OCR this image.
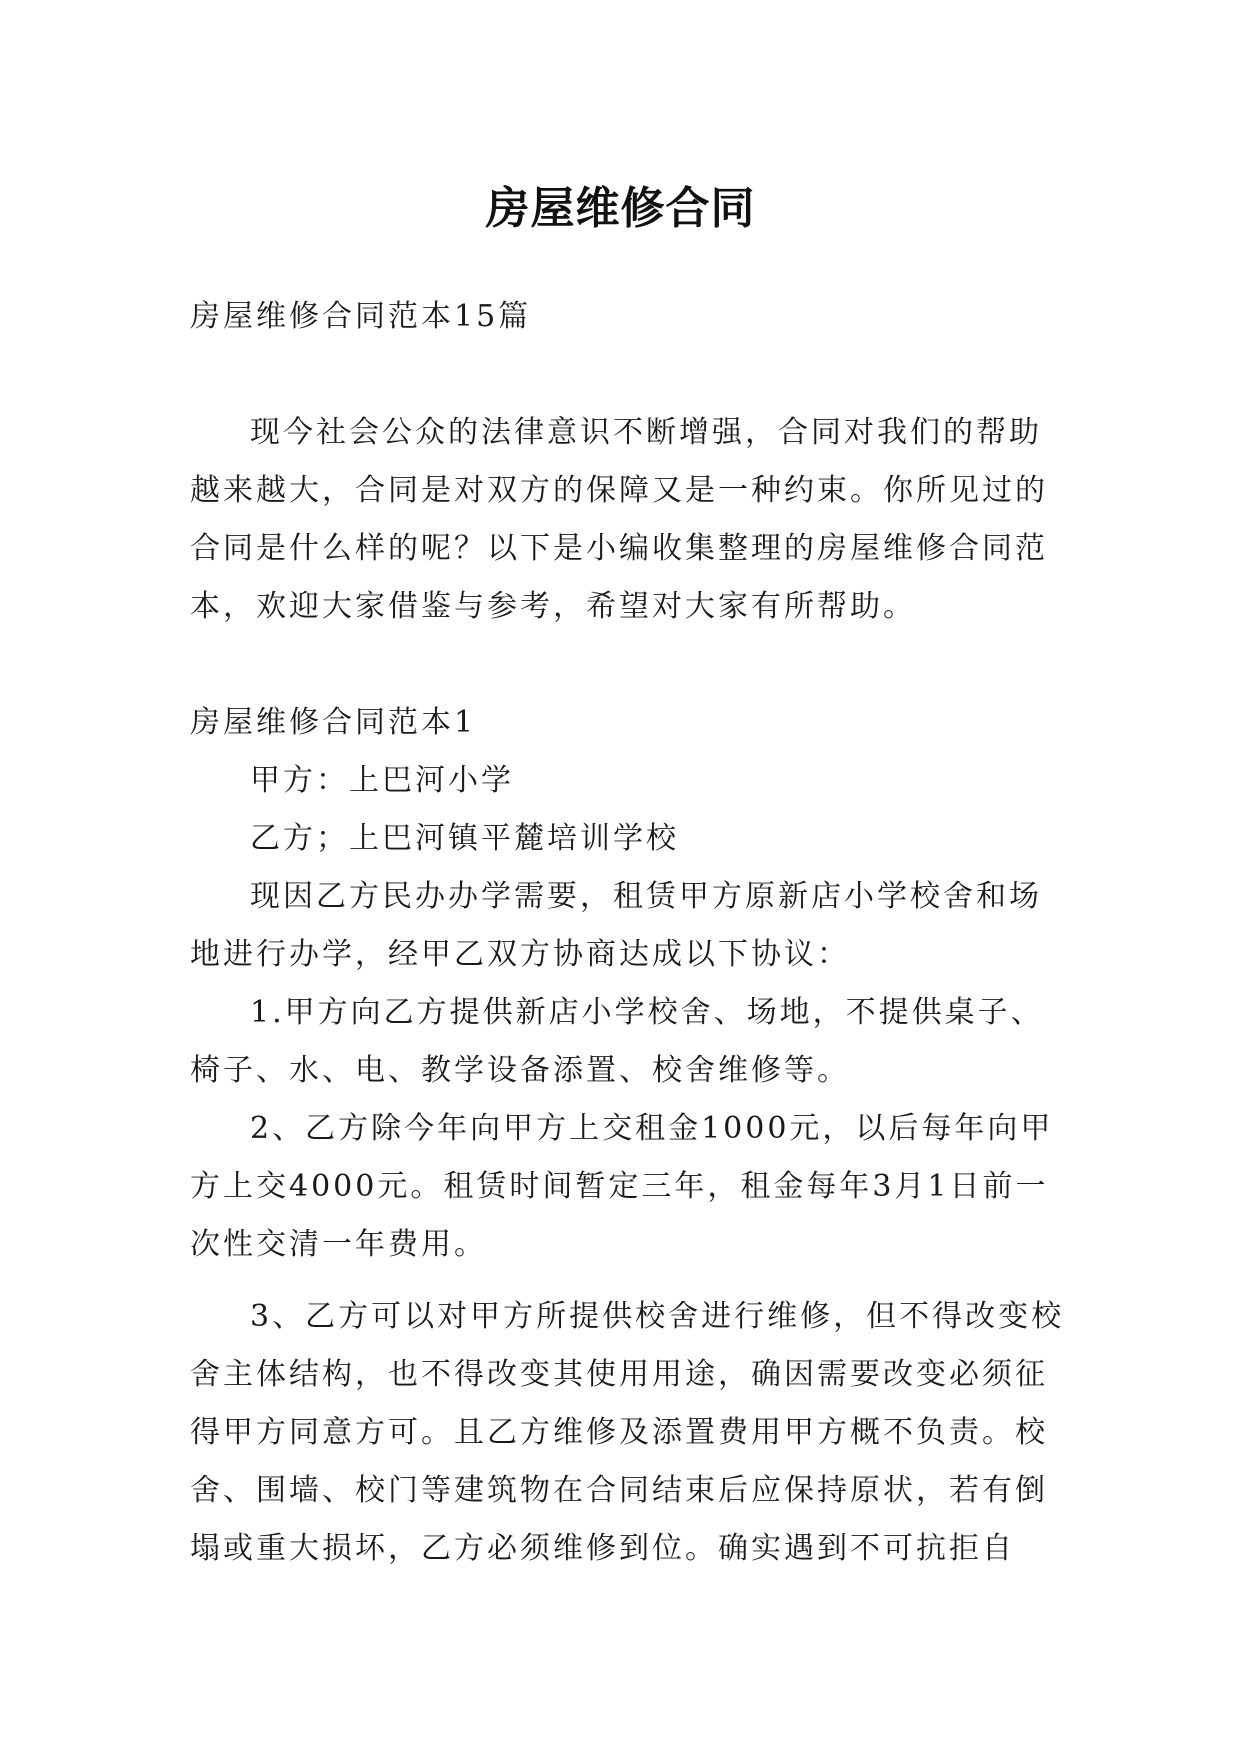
房屋维修合同

房屋维修合同范本15篇

现今社会公众的法律意识不断增强，合同对我们的帮助越来越大，合同是对双方的保障又是一种约束。你所见过的合同是什么样的呢？以下是小编收集整理的房屋维修合同范本，欢迎大家借鉴与参考，希望对大家有所帮助。

房屋维修合同范本1

甲方：上巴河小学

乙方；上巴河镇平麓培训学校

现因乙方民办办学需要，租赁甲方原新店小学校舍和场地进行办学，经甲乙双方协商达成以下协议：

1.甲方向乙方提供新店小学校舍、场地，不提供桌子、椅子、水、电、教学设备添置、校舍维修等。

2、乙方除今年向甲方上交租金1000元，以后每年向甲方上交4000元。租赁时间暂定三年，租金每年3月1日前一次性交清一年费用。

3、乙方可以对甲方所提供校舍进行维修，但不得改变校舍主体结构，也不得改变其使用用途，确因需要改变必须征得甲方同意方可。且乙方维修及添置费用甲方概不负责。校舍、围墙、校门等建筑物在合同结束后应保持原状，若有倒塌或重大损坏，乙方必须维修到位。确实遇到不可抗拒自
